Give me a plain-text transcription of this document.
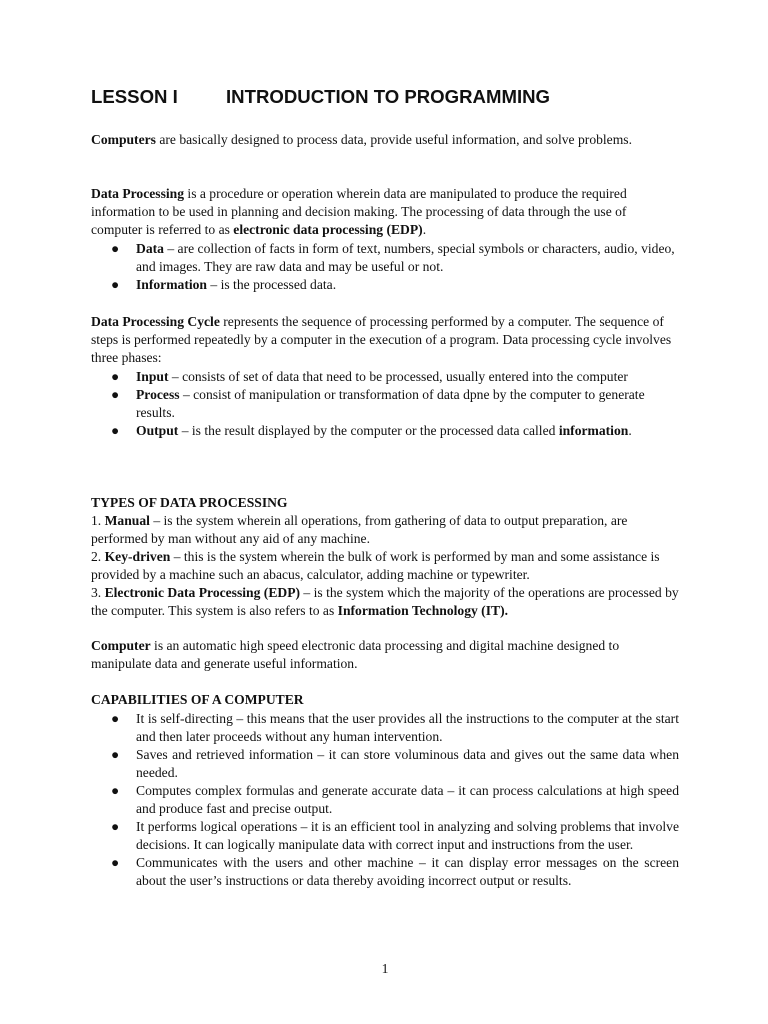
LESSON I	INTRODUCTION TO PROGRAMMING

Computers are basically designed to process data, provide useful information, and solve problems.

Data Processing is a procedure or operation wherein data are manipulated to produce the required information to be used in planning and decision making. The processing of data through the use of computer is referred to as electronic data processing (EDP).

● Data – are collection of facts in form of text, numbers, special symbols or characters, audio, video, and images. They are raw data and may be useful or not.
● Information – is the processed data.

Data Processing Cycle represents the sequence of processing performed by a computer. The sequence of steps is performed repeatedly by a computer in the execution of a program. Data processing cycle involves three phases:

● Input – consists of set of data that need to be processed, usually entered into the computer
● Process – consist of manipulation or transformation of data dpne by the computer to generate results.
● Output – is the result displayed by the computer or the processed data called information.
TYPES OF DATA PROCESSING

1. Manual – is the system wherein all operations, from gathering of data to output preparation, are performed by man without any aid of any machine.

2. Key-driven – this is the system wherein the bulk of work is performed by man and some assistance is provided by a machine such an abacus, calculator, adding machine or typewriter.

3. Electronic Data Processing (EDP) – is the system which the majority of the operations are processed by the computer. This system is also refers to as Information Technology (IT).

Computer is an automatic high speed electronic data processing and digital machine designed to manipulate data and generate useful information.

CAPABILITIES OF A COMPUTER
● It is self-directing – this means that the user provides all the instructions to the computer at the start and then later proceeds without any human intervention.
● Saves and retrieved information – it can store voluminous data and gives out the same data when needed.
● Computes complex formulas and generate accurate data – it can process calculations at high speed and produce fast and precise output.
● It performs logical operations – it is an efficient tool in analyzing and solving problems that involve decisions. It can logically manipulate data with correct input and instructions from the user.
● Communicates with the users and other machine – it can display error messages on the screen about the user’s instructions or data thereby avoiding incorrect output or results.
1
